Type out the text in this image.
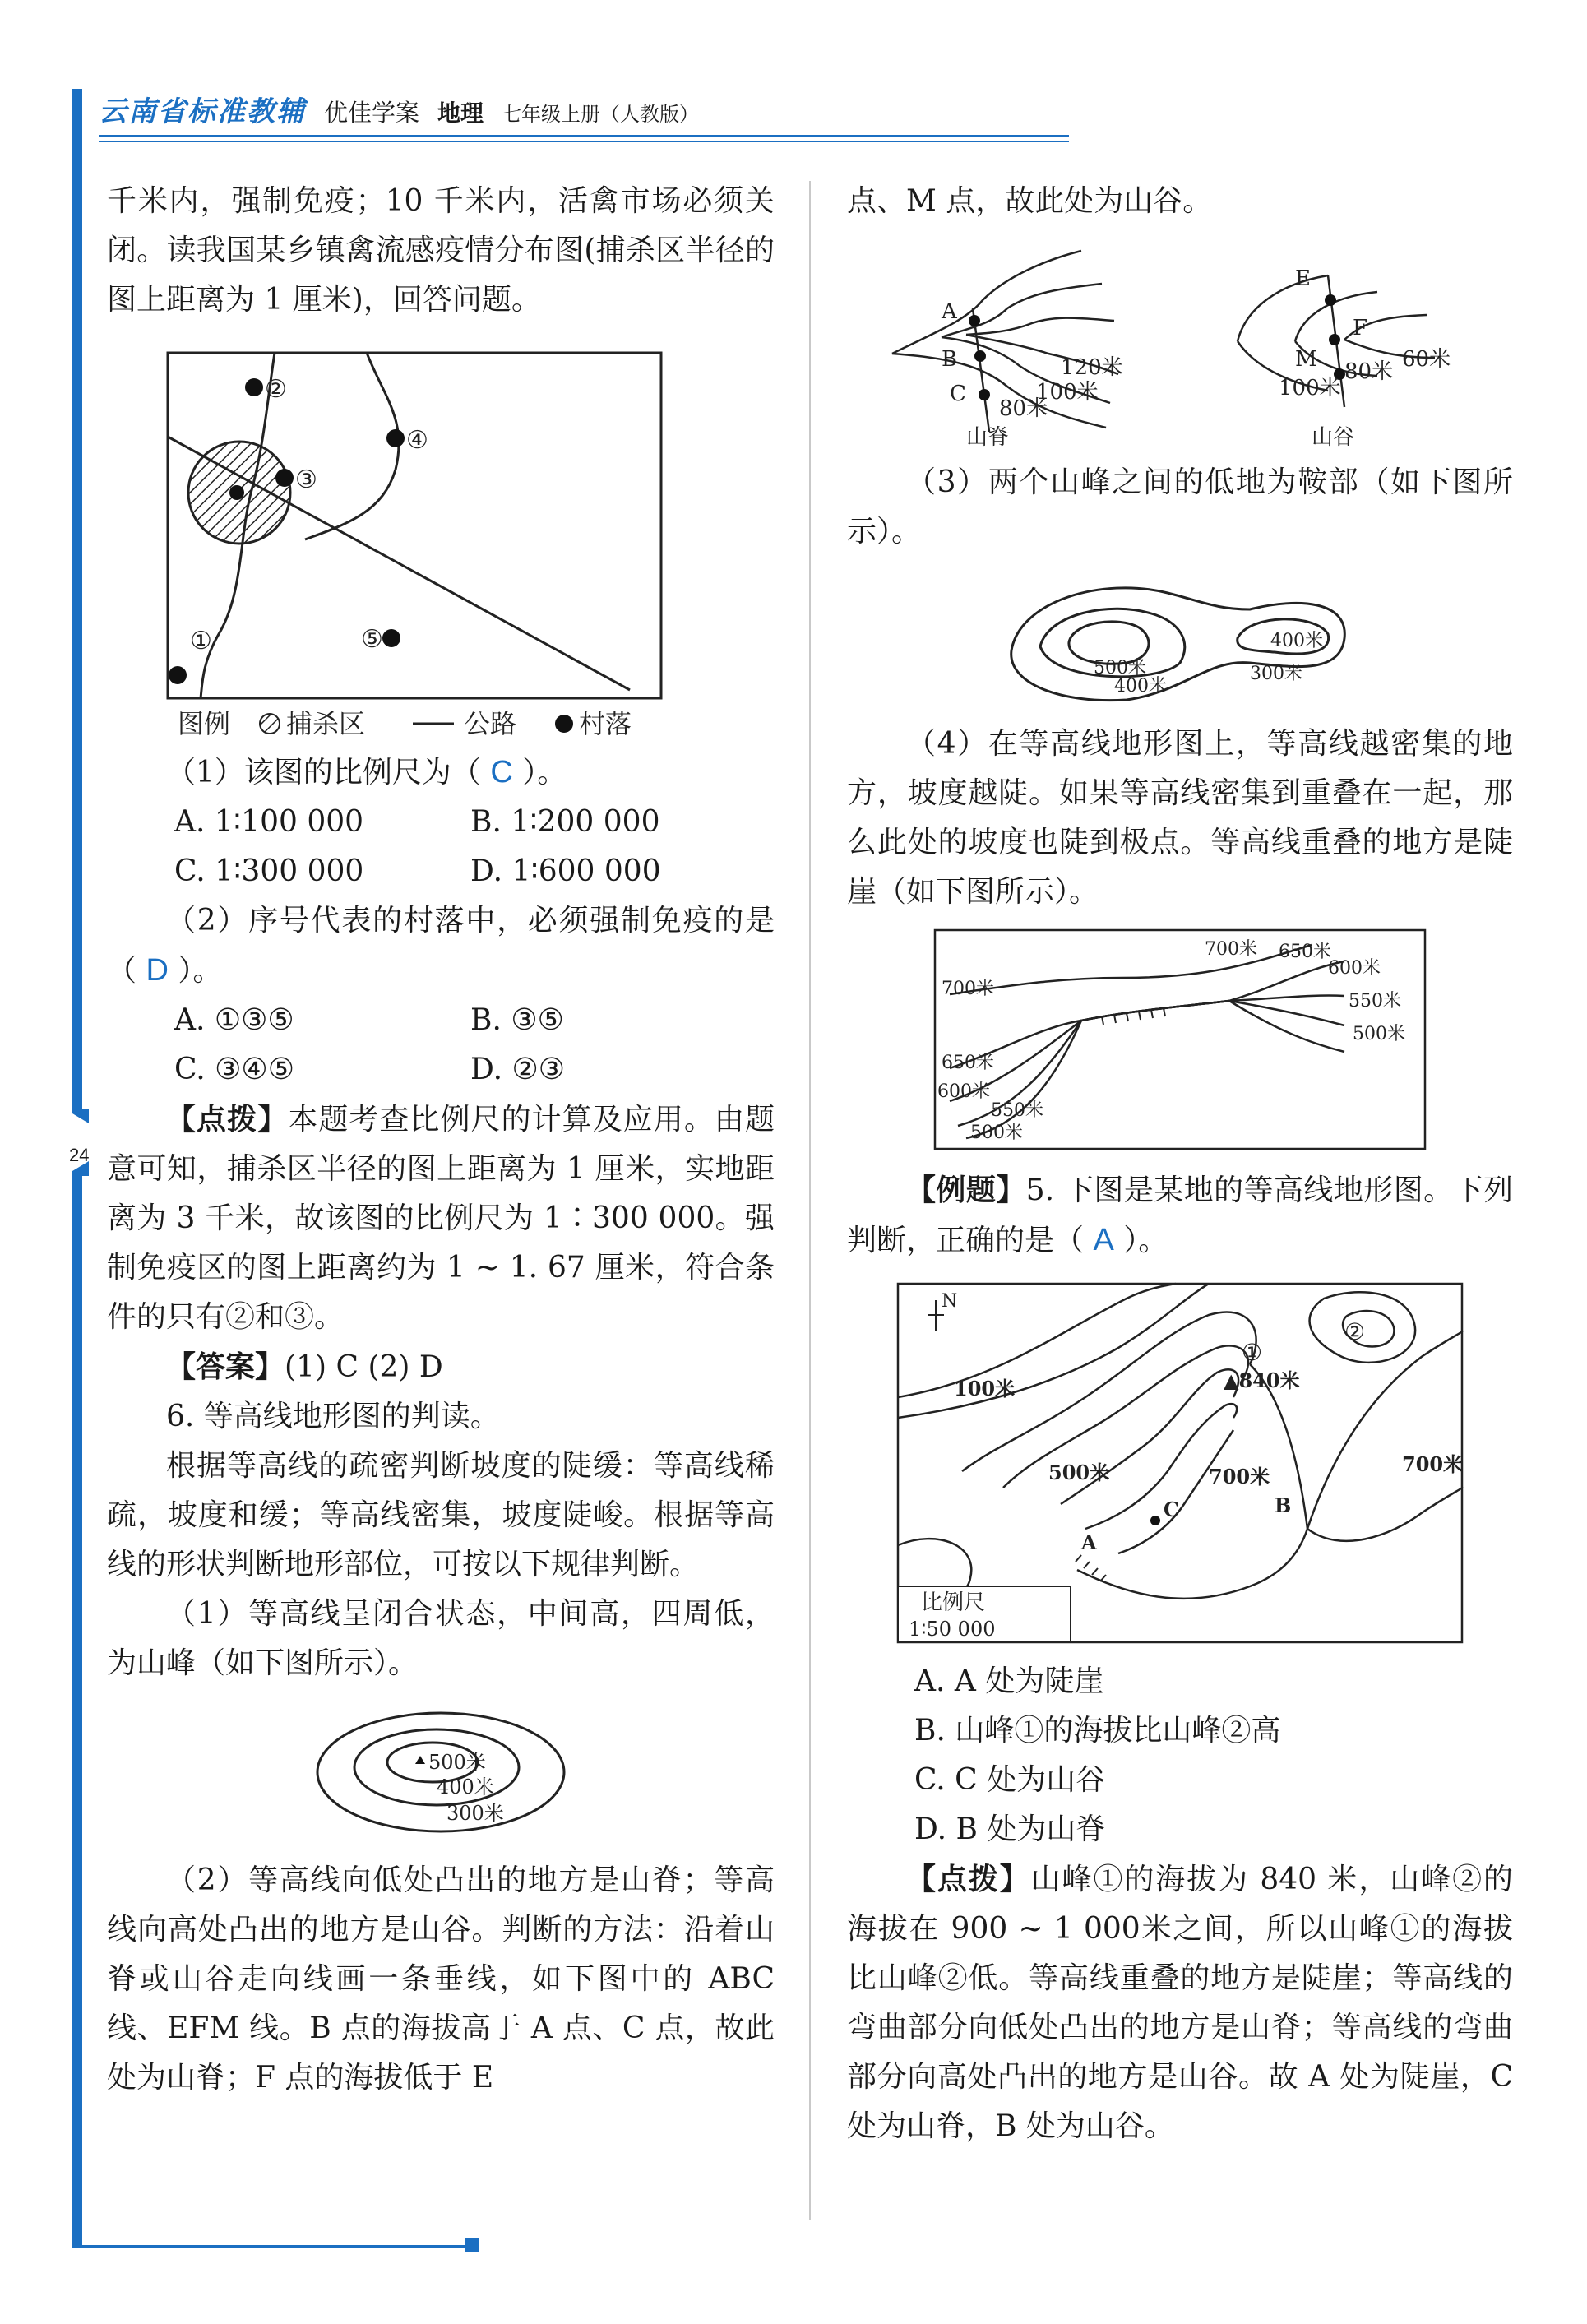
云南省标准教辅 优佳学案 地理 七年级上册（人教版）
24

千米内，强制免疫；10 千米内，活禽市场必须关闭。读我国某乡镇禽流感疫情分布图(捕杀区半径的图上距离为 1 厘米)，回答问题。

①
②
③
④
⑤
图例 捕杀区	公路 村落

（1）该图的比例尺为（ C ）。

A. 1∶100 000	B. 1∶200 000
C. 1∶300 000	D. 1∶600 000

（2）序号代表的村落中，必须强制免疫的是（ D ）。

A. ①③⑤	B. ③⑤
C. ③④⑤	D. ②③

【点拨】本题考查比例尺的计算及应用。由题意可知，捕杀区半径的图上距离为 1 厘米，实地距离为 3 千米，故该图的比例尺为 1∶300 000。强制免疫区的图上距离约为 1 ~ 1. 67 厘米，符合条件的只有②和③。

【答案】(1) C (2) D

6. 等高线地形图的判读。

根据等高线的疏密判断坡度的陡缓：等高线稀疏，坡度和缓；等高线密集，坡度陡峻。根据等高线的形状判断地形部位，可按以下规律判断。

（1）等高线呈闭合状态，中间高，四周低，为山峰（如下图所示）。

500米
400米
300米

（2）等高线向低处凸出的地方是山脊；等高线向高处凸出的地方是山谷。判断的方法：沿着山脊或山谷走向线画一条垂线，如下图中的 ABC 线、EFM 线。B 点的海拔高于 A 点、C 点，故此处为山脊；F 点的海拔低于 E

点、M 点，故此处为山谷。

A
B
C
120米
100米
80米
E
F
M 80米 60米
100米
山脊	山谷

（3）两个山峰之间的低地为鞍部（如下图所示）。

500米
400米
400米
300米

（4）在等高线地形图上，等高线越密集的地方，坡度越陡。如果等高线密集到重叠在一起，那么此处的坡度也陡到极点。等高线重叠的地方是陡崖（如下图所示）。

700米
650米
600米
550米
500米
700米 650米
600米
550米
500米

【例题】5. 下图是某地的等高线地形图。下列判断，正确的是（ A ）。

N
①
②
▲840米
100米
500米	700米
700米
C	B
A
比例尺
1∶50 000
A. A 处为陡崖
B. 山峰①的海拔比山峰②高
C. C 处为山谷
D. B 处为山脊

【点拨】山峰①的海拔为 840 米，山峰②的海拔在 900 ~ 1 000米之间，所以山峰①的海拔比山峰②低。等高线重叠的地方是陡崖；等高线的弯曲部分向低处凸出的地方是山脊；等高线的弯曲部分向高处凸出的地方是山谷。故 A 处为陡崖，C 处为山脊，B 处为山谷。
